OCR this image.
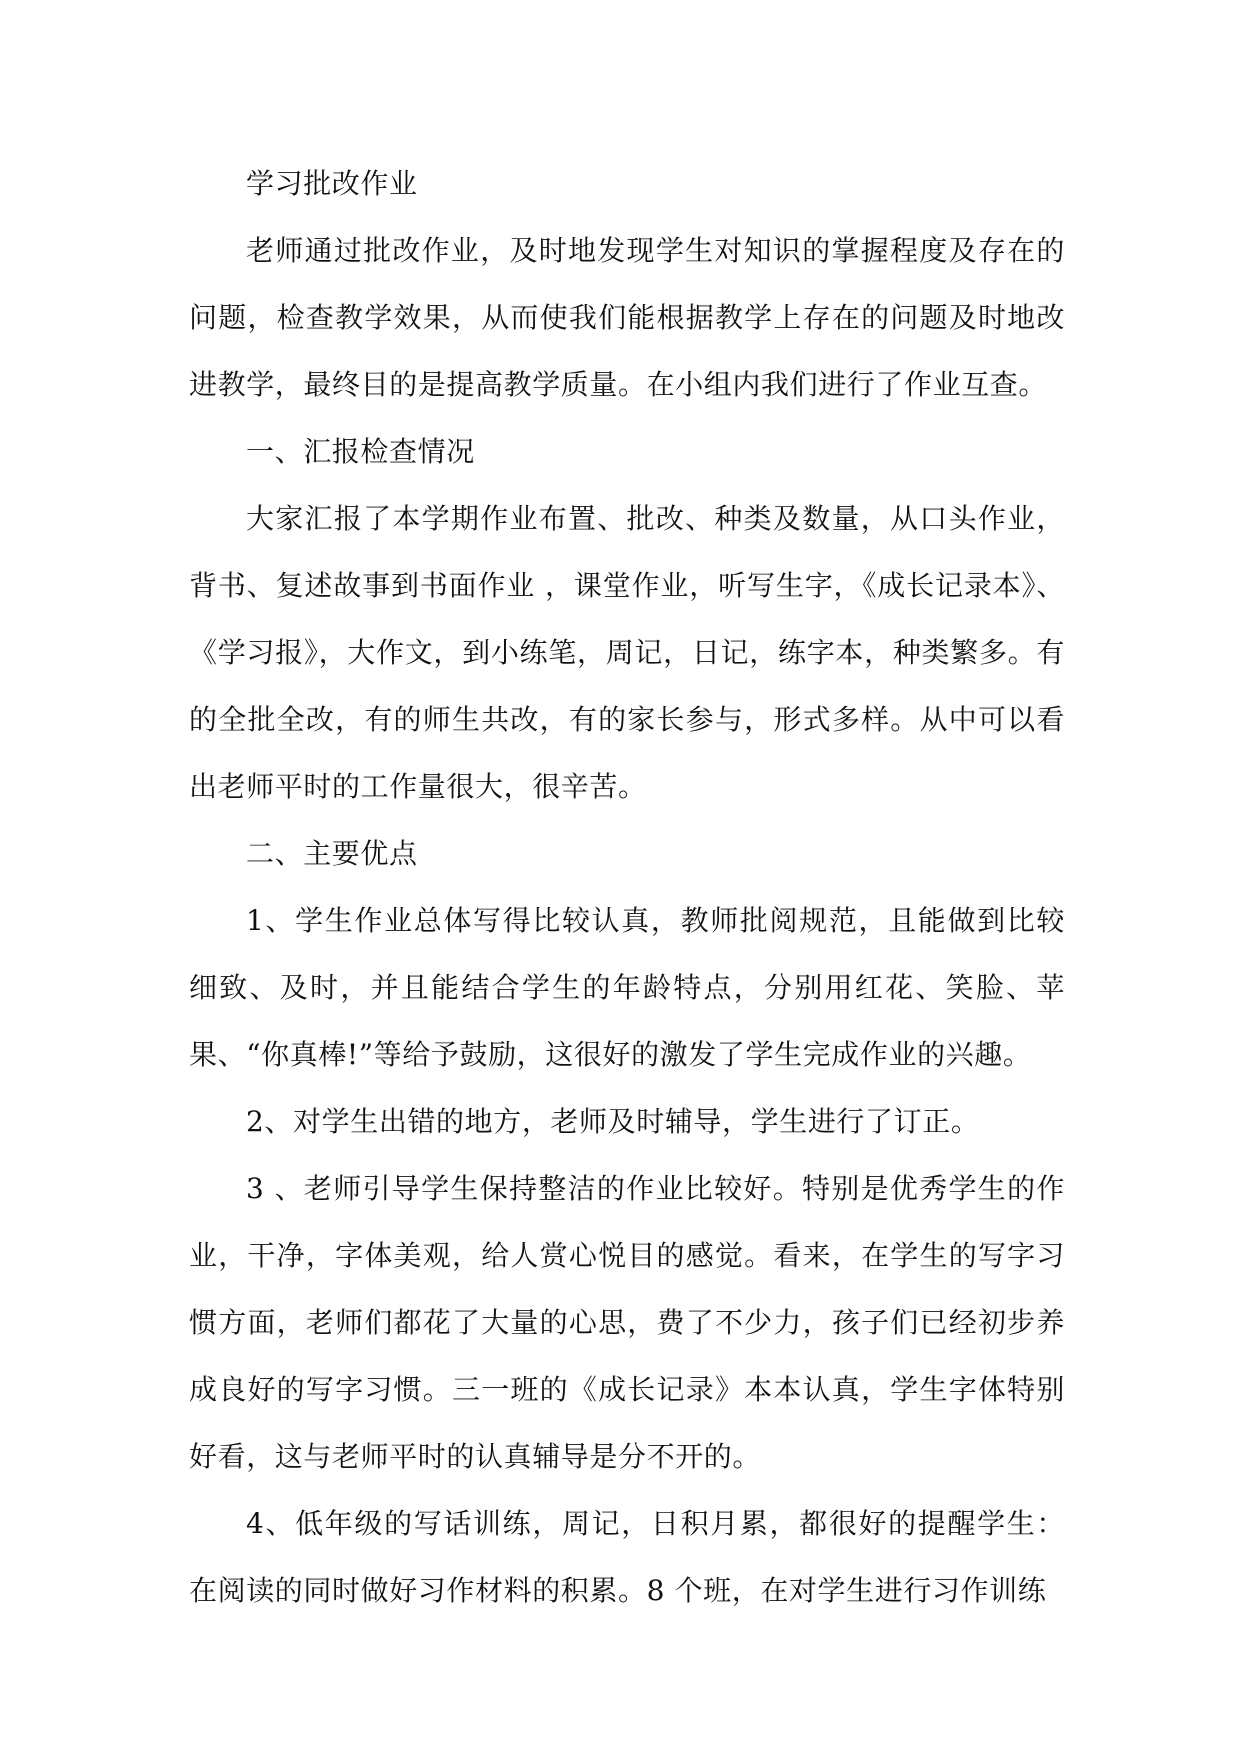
学习批改作业

老师通过批改作业，及时地发现学生对知识的掌握程度及存在的问题，检查教学效果，从而使我们能根据教学上存在的问题及时地改进教学，最终目的是提高教学质量。在小组内我们进行了作业互查。

一、汇报检查情况

大家汇报了本学期作业布置、批改、种类及数量，从口头作业，背书、复述故事到书面作业 ，课堂作业，听写生字，《成长记录本》、《学习报》，大作文，到小练笔，周记，日记，练字本，种类繁多。有的全批全改，有的师生共改，有的家长参与，形式多样。从中可以看出老师平时的工作量很大，很辛苦。

二、主要优点

1、学生作业总体写得比较认真，教师批阅规范，且能做到比较细致、及时，并且能结合学生的年龄特点，分别用红花、笑脸、苹果、“你真棒!”等给予鼓励，这很好的激发了学生完成作业的兴趣。

2、对学生出错的地方，老师及时辅导，学生进行了订正。

3 、老师引导学生保持整洁的作业比较好。特别是优秀学生的作业，干净，字体美观，给人赏心悦目的感觉。看来，在学生的写字习惯方面，老师们都花了大量的心思，费了不少力，孩子们已经初步养成良好的写字习惯。三一班的《成长记录》本本认真，学生字体特别好看，这与老师平时的认真辅导是分不开的。

4、低年级的写话训练，周记，日积月累，都很好的提醒学生：在阅读的同时做好习作材料的积累。8 个班，在对学生进行习作训练
